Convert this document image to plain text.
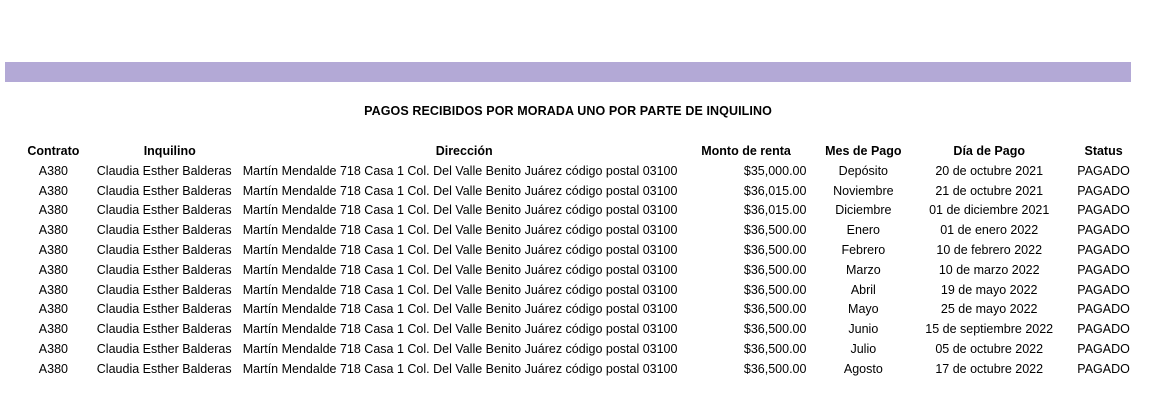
PAGOS RECIBIDOS POR MORADA UNO POR PARTE DE INQUILINO
Contrato	Inquilino	Dirección	Monto de renta	Mes de Pago	Día de Pago	Status
A380	Claudia Esther Balderas	Martín Mendalde 718 Casa 1 Col. Del Valle Benito Juárez código postal 03100	$35,000.00	Depósito	20 de octubre 2021	PAGADO
A380	Claudia Esther Balderas	Martín Mendalde 718 Casa 1 Col. Del Valle Benito Juárez código postal 03100	$36,015.00	Noviembre	21 de octubre 2021	PAGADO
A380	Claudia Esther Balderas	Martín Mendalde 718 Casa 1 Col. Del Valle Benito Juárez código postal 03100	$36,015.00	Diciembre	01 de diciembre 2021	PAGADO
A380	Claudia Esther Balderas	Martín Mendalde 718 Casa 1 Col. Del Valle Benito Juárez código postal 03100	$36,500.00	Enero	01 de enero 2022	PAGADO
A380	Claudia Esther Balderas	Martín Mendalde 718 Casa 1 Col. Del Valle Benito Juárez código postal 03100	$36,500.00	Febrero	10 de febrero 2022	PAGADO
A380	Claudia Esther Balderas	Martín Mendalde 718 Casa 1 Col. Del Valle Benito Juárez código postal 03100	$36,500.00	Marzo	10 de marzo 2022	PAGADO
A380	Claudia Esther Balderas	Martín Mendalde 718 Casa 1 Col. Del Valle Benito Juárez código postal 03100	$36,500.00	Abril	19 de mayo 2022	PAGADO
A380	Claudia Esther Balderas	Martín Mendalde 718 Casa 1 Col. Del Valle Benito Juárez código postal 03100	$36,500.00	Mayo	25 de mayo 2022	PAGADO
A380	Claudia Esther Balderas	Martín Mendalde 718 Casa 1 Col. Del Valle Benito Juárez código postal 03100	$36,500.00	Junio	15 de septiembre 2022	PAGADO
A380	Claudia Esther Balderas	Martín Mendalde 718 Casa 1 Col. Del Valle Benito Juárez código postal 03100	$36,500.00	Julio	05 de octubre 2022	PAGADO
A380	Claudia Esther Balderas	Martín Mendalde 718 Casa 1 Col. Del Valle Benito Juárez código postal 03100	$36,500.00	Agosto	17 de octubre 2022	PAGADO
